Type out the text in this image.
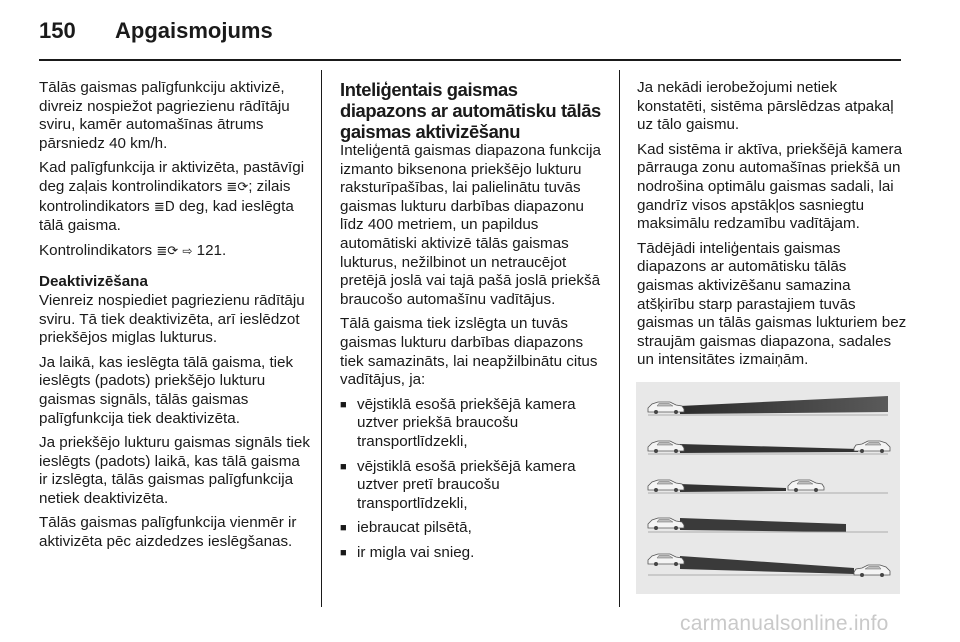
150	Apgaismojums

Tālās gaismas palīgfunkciju aktivizē, divreiz nospiežot pagriezienu rādītāju sviru, kamēr automašīnas ātrums pārsniedz 40 km/h.

Kad palīgfunkcija ir aktivizēta, pastāvīgi deg zaļais kontrolindikators ≣⟳; zilais kontrolindikators ≣D deg, kad ieslēgta tālā gaisma.

Kontrolindikators ≣⟳ ⇨ 121.

Deaktivizēšana

Vienreiz nospiediet pagriezienu rādītāju sviru. Tā tiek deaktivizēta, arī ieslēdzot priekšējos miglas lukturus.

Ja laikā, kas ieslēgta tālā gaisma, tiek ieslēgts (padots) priekšējo lukturu gaismas signāls, tālās gaismas palīgfunkcija tiek deaktivizēta.

Ja priekšējo lukturu gaismas signāls tiek ieslēgts (padots) laikā, kas tālā gaisma ir izslēgta, tālās gaismas palīgfunkcija netiek deaktivizēta.

Tālās gaismas palīgfunkcija vienmēr ir aktivizēta pēc aizdedzes ieslēgšanas.

Inteliģentais gaismas diapazons ar automātisku tālās gaismas aktivizēšanu

Inteliģentā gaismas diapazona funkcija izmanto biksenona priekšējo lukturu raksturīpašības, lai palielinātu tuvās gaismas lukturu darbības diapazonu līdz 400 metriem, un papildus automātiski aktivizē tālās gaismas lukturus, nežilbinot un netraucējot pretējā joslā vai tajā pašā joslā priekšā braucošo automašīnu vadītājus.

Tālā gaisma tiek izslēgta un tuvās gaismas lukturu darbības diapazons tiek samazināts, lai neapžilbinātu citus vadītājus, ja:

■ vējstiklā esošā priekšējā kamera uztver priekšā braucošu transportlīdzekli,
■ vējstiklā esošā priekšējā kamera uztver pretī braucošu transportlīdzekli,
■ iebraucat pilsētā,
■ ir migla vai snieg.

Ja nekādi ierobežojumi netiek konstatēti, sistēma pārslēdzas atpakaļ uz tālo gaismu.

Kad sistēma ir aktīva, priekšējā kamera pārrauga zonu automašīnas priekšā un nodrošina optimālu gaismas sadali, lai gandrīz visos apstākļos sasniegtu maksimālu redzamību vadītājam.

Tādējādi inteliģentais gaismas diapazons ar automātisku tālās gaismas aktivizēšanu samazina atšķirību starp parastajiem tuvās gaismas un tālās gaismas lukturiem bez straujām gaismas diapazona, sadales un intensitātes izmaiņām.

carmanualsonline.info
